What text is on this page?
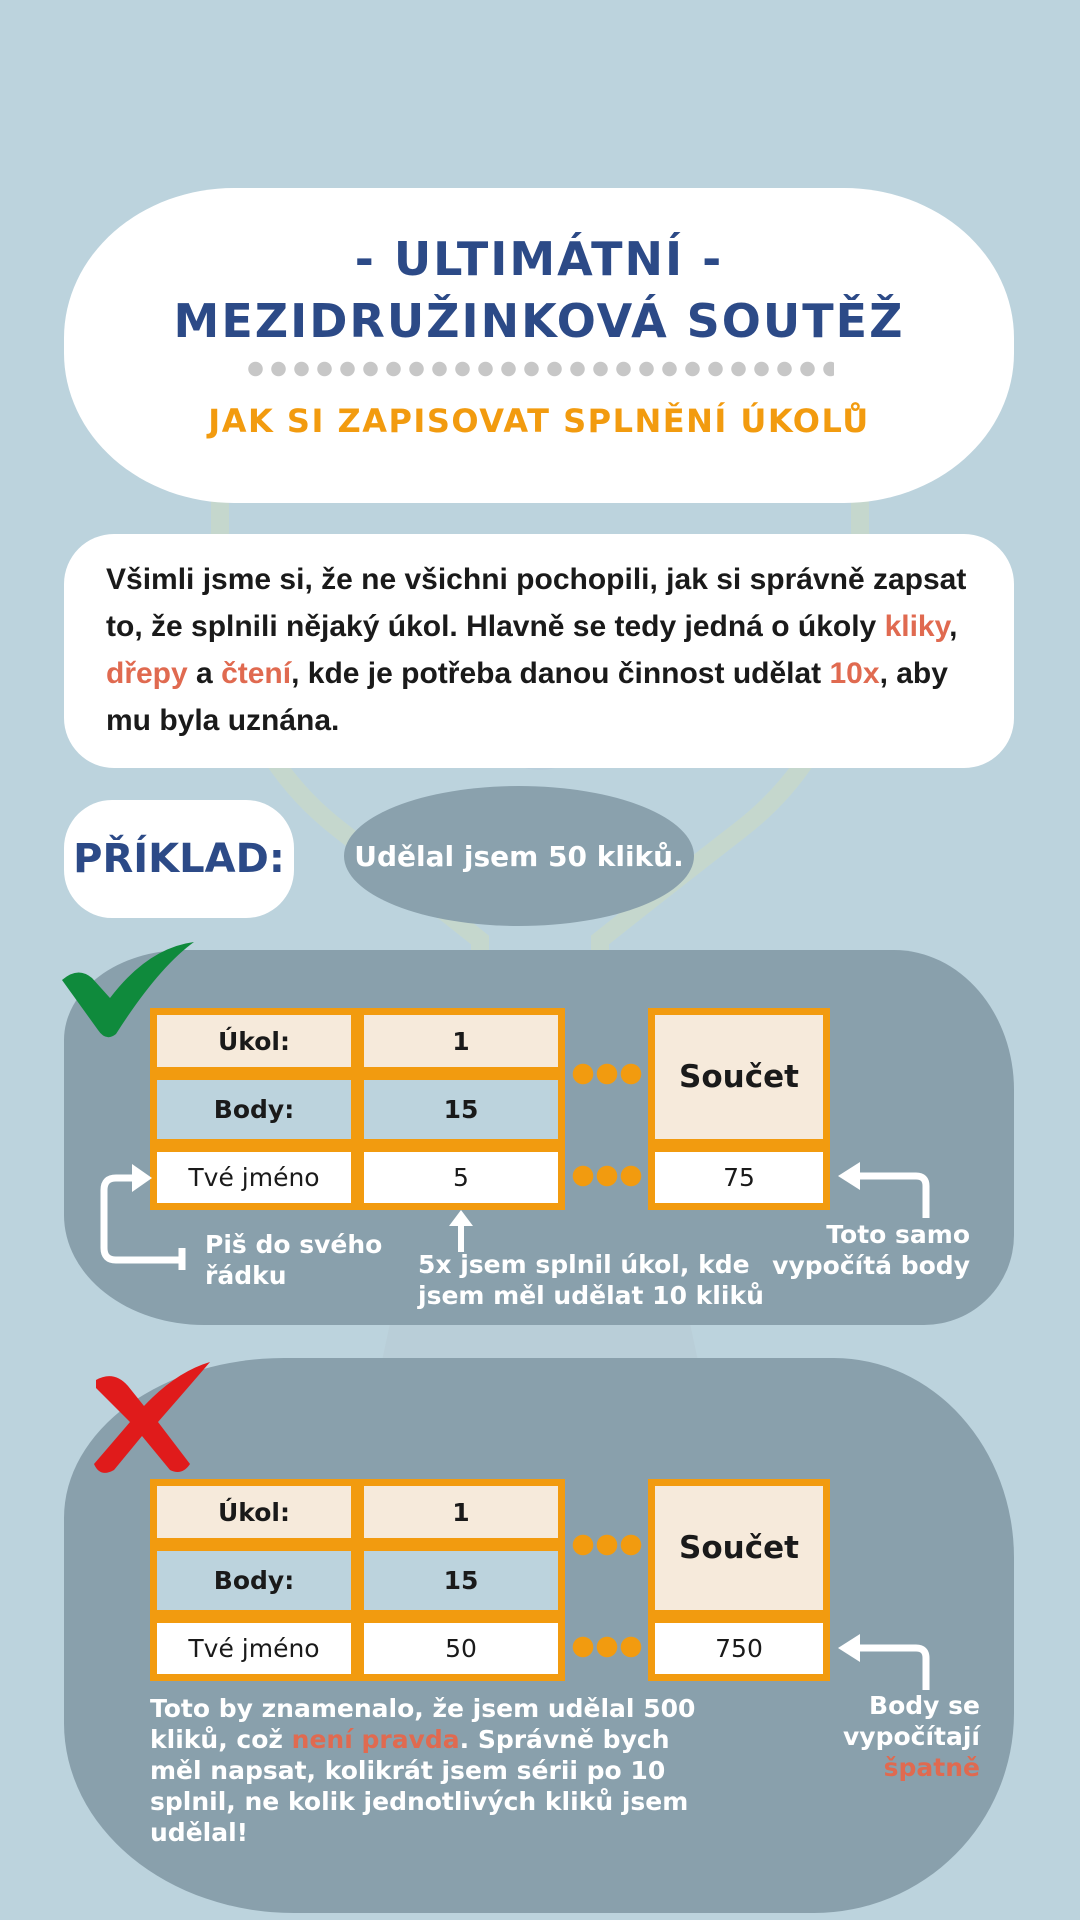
- ULTIMÁTNÍ -
MEZIDRUŽINKOVÁ SOUTĚŽ
JAK SI ZAPISOVAT SPLNĚNÍ ÚKOLŮ
Všimli jsme si, že ne všichni pochopili, jak si správně zapsat to, že splnili nějaký úkol. Hlavně se tedy jedná o úkoly kliky, dřepy a čtení, kde je potřeba danou činnost udělat 10x, aby mu byla uznána.
PŘÍKLAD:	Udělal jsem 50 kliků.
Úkol:	1
Body:	15
Tvé jméno	5
Součet
75
Piš do svého
řádku	5x jsem splnil úkol, kde
jsem měl udělat 10 kliků
Toto samo
vypočítá body
Úkol:	1
Body:	15
Tvé jméno	50
Součet
750
Toto by znamenalo, že jsem udělal 500 kliků, což není pravda. Správně bych měl napsat, kolikrát jsem sérii po 10 splnil, ne kolik jednotlivých kliků jsem udělal!
Body se vypočítají
špatně
